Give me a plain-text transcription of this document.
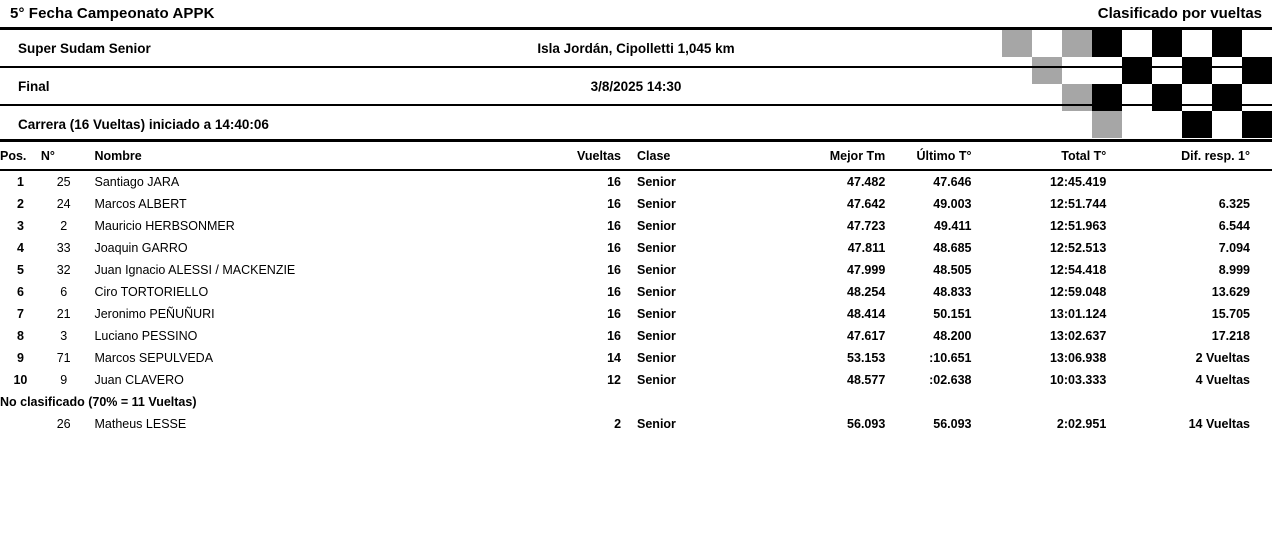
5° Fecha Campeonato APPK	Clasificado por vueltas
Super Sudam Senior	Isla Jordán, Cipolletti 1,045 km
Final	3/8/2025 14:30
Carrera (16 Vueltas) iniciado a 14:40:06
Pos.	N°	Nombre	Vueltas	Clase	Mejor Tm	Último T°	Total T°	Dif. resp. 1°
1	25	Santiago JARA	16	Senior	47.482	47.646	12:45.419	
2	24	Marcos ALBERT	16	Senior	47.642	49.003	12:51.744	6.325
3	2	Mauricio HERBSONMER	16	Senior	47.723	49.411	12:51.963	6.544
4	33	Joaquin GARRO	16	Senior	47.811	48.685	12:52.513	7.094
5	32	Juan Ignacio ALESSI / MACKENZIE	16	Senior	47.999	48.505	12:54.418	8.999
6	6	Ciro TORTORIELLO	16	Senior	48.254	48.833	12:59.048	13.629
7	21	Jeronimo PEÑUÑURI	16	Senior	48.414	50.151	13:01.124	15.705
8	3	Luciano PESSINO	16	Senior	47.617	48.200	13:02.637	17.218
9	71	Marcos SEPULVEDA	14	Senior	53.153	:10.651	13:06.938	2 Vueltas
10	9	Juan CLAVERO	12	Senior	48.577	:02.638	10:03.333	4 Vueltas
No clasificado (70% = 11 Vueltas)								
	26	Matheus LESSE	2	Senior	56.093	56.093	2:02.951	14 Vueltas
